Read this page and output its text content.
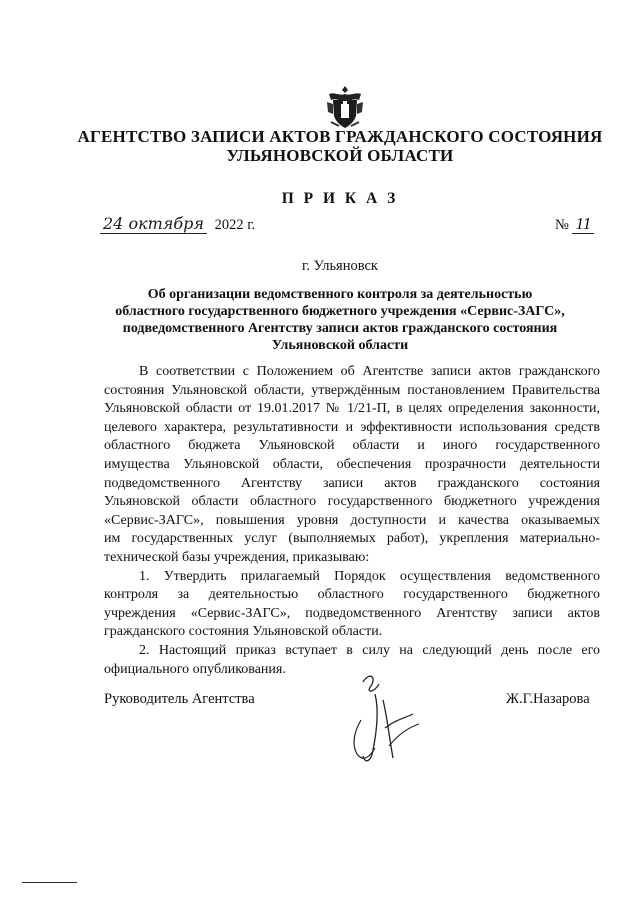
АГЕНТСТВО ЗАПИСИ АКТОВ ГРАЖДАНСКОГО СОСТОЯНИЯ
УЛЬЯНОВСКОЙ ОБЛАСТИ
П Р И К А З
24 октября 2022 г.	№ 11
г. Ульяновск
Об организации ведомственного контроля за деятельностью
областного государственного бюджетного учреждения «Сервис-ЗАГС»,
подведомственного Агентству записи актов гражданского состояния
Ульяновской области
В соответствии с Положением об Агентстве записи актов гражданского
состояния Ульяновской области, утверждённым постановлением Правительства
Ульяновской области от 19.01.2017 № 1/21-П, в целях определения законности,
целевого характера, результативности и эффективности использования средств
областного бюджета Ульяновской области и иного государственного
имущества Ульяновской области, обеспечения прозрачности деятельности
подведомственного Агентству записи актов гражданского состояния
Ульяновской области областного государственного бюджетного учреждения
«Сервис-ЗАГС», повышения уровня доступности и качества оказываемых
им государственных услуг (выполняемых работ), укрепления материально-
технической базы учреждения, приказываю:
1. Утвердить прилагаемый Порядок осуществления ведомственного
контроля за деятельностью областного государственного бюджетного
учреждения «Сервис-ЗАГС», подведомственного Агентству записи актов
гражданского состояния Ульяновской области.
2. Настоящий приказ вступает в силу на следующий день после его
официального опубликования.
Руководитель Агентства	Ж.Г.Назарова
